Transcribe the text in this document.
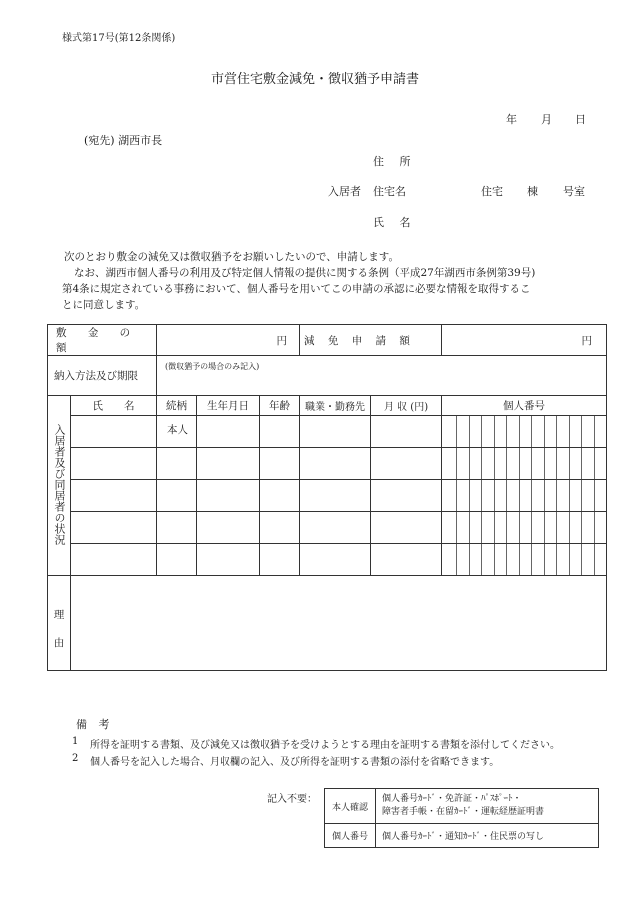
様式第17号(第12条関係)
市営住宅敷金減免・徴収猶予申請書
年 月 日
(宛先) 湖西市長
住 所
入居者 住宅名	住宅 棟 号室
氏 名
次のとおり敷金の減免又は徴収猶予をお願いしたいので、申請します。
なお、湖西市個人番号の利用及び特定個人情報の提供に関する条例（平成27年湖西市条例第39号)
第4条に規定されている事務において、個人番号を用いてこの申請の承認に必要な情報を取得するこ
とに同意します。
敷 金 の 額		円			減 免 申 請 額		円
納入方法及び期限		(徴収猶予の場合のみ記入)					
入居者及び同居者の状況	氏　　名	続柄	生年月日	年齢	職業・勤務先	月 収 (円)	個人番号
		本人					

理
由							

備 考
1 所得を証明する書類、及び減免又は徴収猶予を受けようとする理由を証明する書類を添付してください。
2 個人番号を記入した場合、月収欄の記入、及び所得を証明する書類の添付を省略できます。
記入不要：
本人確認	個人番号ｶｰﾄﾞ・免許証・ﾊﾟｽﾎﾟｰﾄ・
障害者手帳・在留ｶｰﾄﾞ・運転経歴証明書

個人番号	個人番号ｶｰﾄﾞ・通知ｶｰﾄﾞ・住民票の写し
